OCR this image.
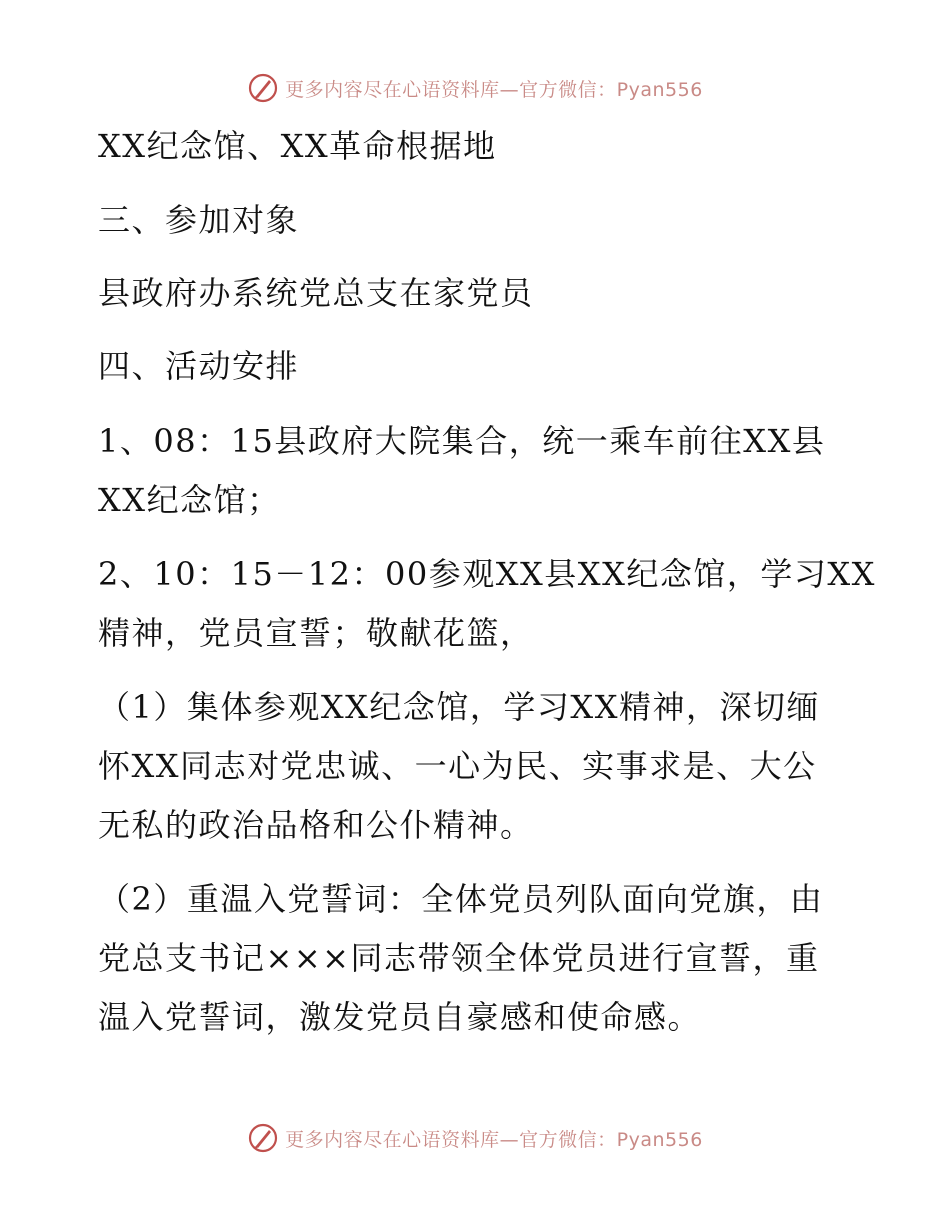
更多内容尽在心语资料库—官方微信：Pyan556
XX纪念馆、XX革命根据地
三、参加对象
县政府办系统党总支在家党员
四、活动安排
1、08：15县政府大院集合，统一乘车前往XX县
XX纪念馆；
2、10：15－12：00参观XX县XX纪念馆，学习XX
精神，党员宣誓；敬献花篮，
（1）集体参观XX纪念馆，学习XX精神，深切缅
怀XX同志对党忠诚、一心为民、实事求是、大公
无私的政治品格和公仆精神。
（2）重温入党誓词：全体党员列队面向党旗，由
党总支书记×××同志带领全体党员进行宣誓，重
温入党誓词，激发党员自豪感和使命感。
更多内容尽在心语资料库—官方微信：Pyan556
